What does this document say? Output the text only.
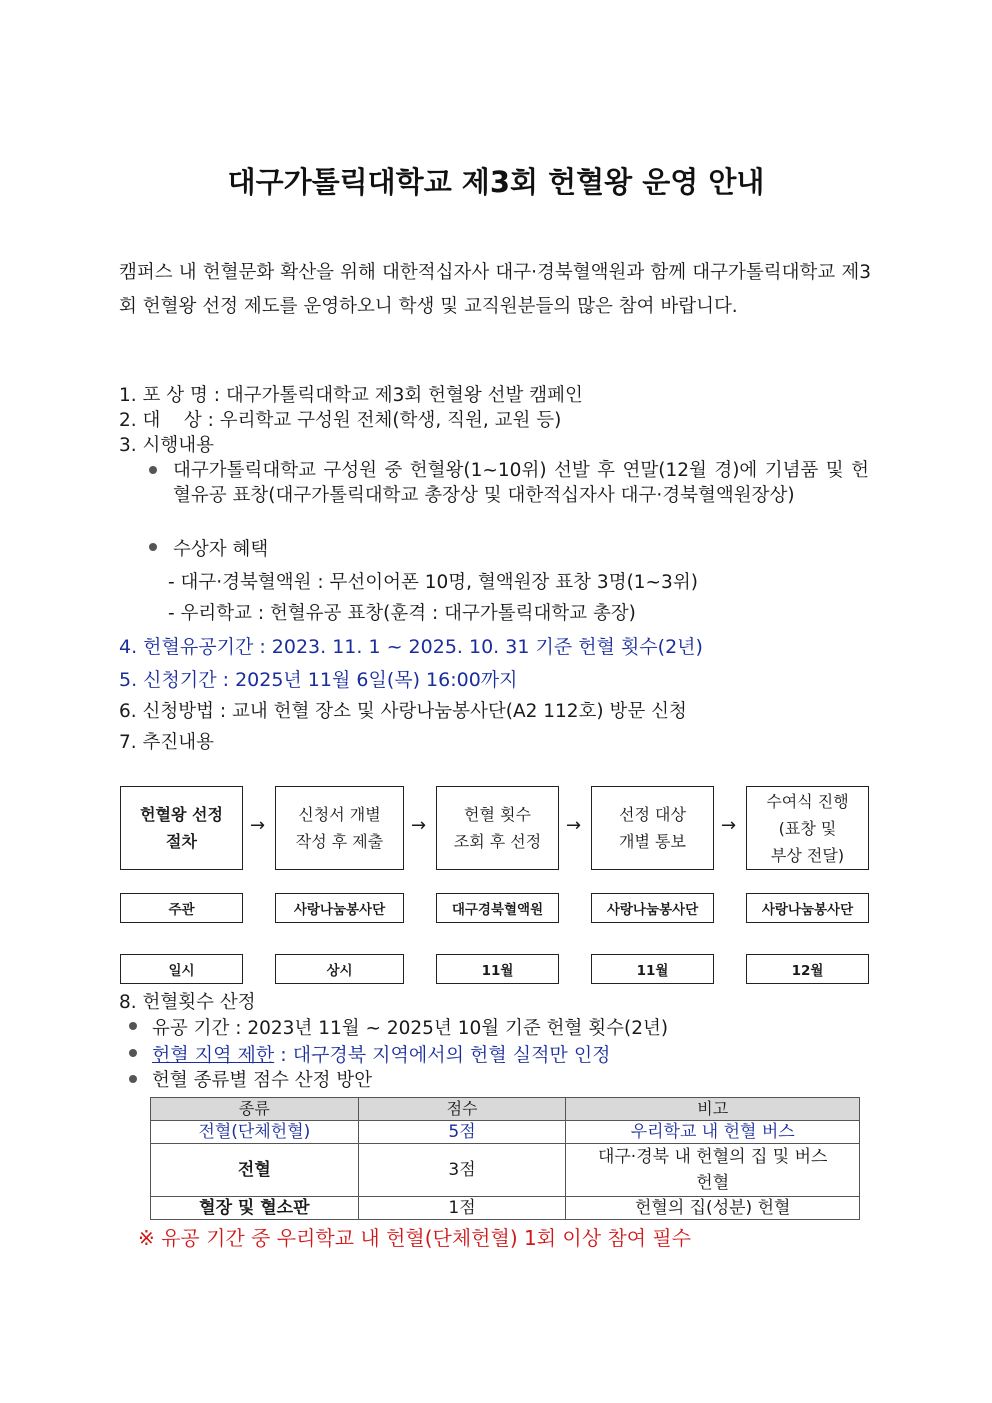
대구가톨릭대학교 제3회 헌혈왕 운영 안내
캠퍼스 내 헌혈문화 확산을 위해 대한적십자사 대구·경북혈액원과 함께 대구가톨릭대학교 제3회 헌혈왕 선정 제도를 운영하오니 학생 및 교직원분들의 많은 참여 바랍니다.
1. 포 상 명 : 대구가톨릭대학교 제3회 헌혈왕 선발 캠페인
2. 대    상 : 우리학교 구성원 전체(학생, 직원, 교원 등)
3. 시행내용
대구가톨릭대학교 구성원 중 헌혈왕(1~10위) 선발 후 연말(12월 경)에 기념품 및 헌혈유공 표창(대구가톨릭대학교 총장상 및 대한적십자사 대구·경북혈액원장상)
수상자 혜택
- 대구·경북혈액원 : 무선이어폰 10명, 혈액원장 표창 3명(1~3위)
- 우리학교 : 헌혈유공 표창(훈격 : 대구가톨릭대학교 총장)
4. 헌혈유공기간 : 2023. 11. 1 ~ 2025. 10. 31 기준 헌혈 횟수(2년)
5. 신청기간 : 2025년 11월 6일(목) 16:00까지
6. 신청방법 : 교내 헌혈 장소 및 사랑나눔봉사단(A2 112호) 방문 신청
7. 추진내용
헌혈왕 선정
절차
→
신청서 개별
작성 후 제출
→
헌혈 횟수
조회 후 선정
→
선정 대상
개별 통보
→
수여식 진행
(표창 및
부상 전달)
주관	사랑나눔봉사단	대구경북혈액원	사랑나눔봉사단	사랑나눔봉사단
일시	상시	11월	11월	12월
8. 헌혈횟수 산정
유공 기간 : 2023년 11월 ~ 2025년 10월 기준 헌혈 횟수(2년)
헌혈 지역 제한 : 대구경북 지역에서의 헌혈 실적만 인정
헌혈 종류별 점수 산정 방안
종류	점수	비고
전혈(단체헌혈)	5점	우리학교 내 헌혈 버스
전혈	3점	대구·경북 내 헌혈의 집 및 버스
헌혈
혈장 및 혈소판	1점	헌혈의 집(성분) 헌혈
※ 유공 기간 중 우리학교 내 헌혈(단체헌혈) 1회 이상 참여 필수
